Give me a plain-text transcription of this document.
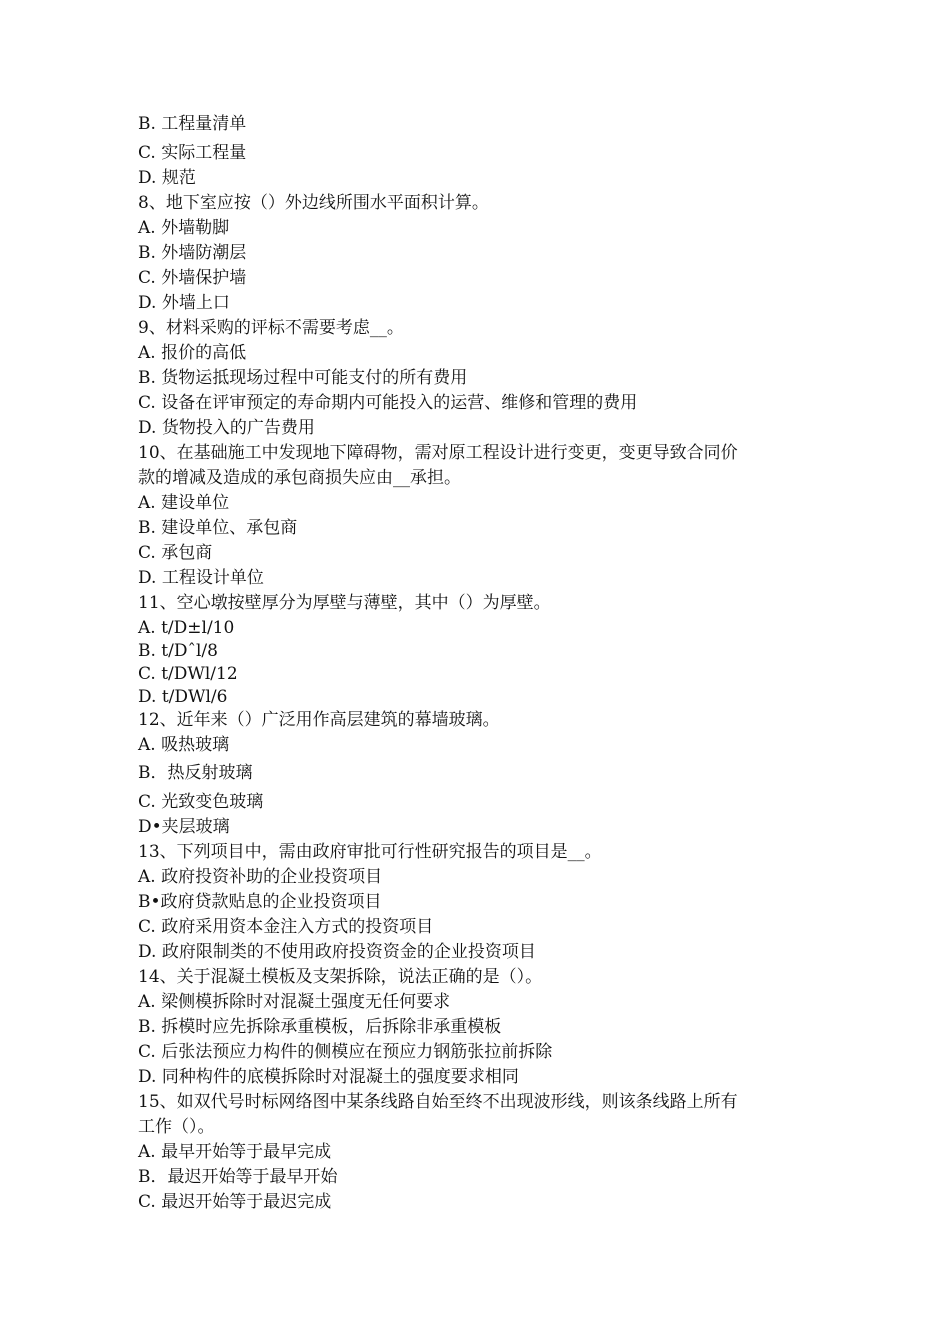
B. 工程量清单
C. 实际工程量
D. 规范
8、地下室应按（）外边线所围水平面积计算。
A. 外墙勒脚
B. 外墙防潮层
C. 外墙保护墙
D. 外墙上口
9、材料采购的评标不需要考虑__。
A. 报价的高低
B. 货物运抵现场过程中可能支付的所有费用
C. 设备在评审预定的寿命期内可能投入的运营、维修和管理的费用
D. 货物投入的广告费用
10、在基础施工中发现地下障碍物，需对原工程设计进行变更，变更导致合同价
款的增减及造成的承包商损失应由__承担。
A. 建设单位
B. 建设单位、承包商
C. 承包商
D. 工程设计单位
11、空心墩按壁厚分为厚壁与薄壁，其中（）为厚壁。
A. t/D±l/10
B. t/Dˆl/8
C. t/DWl/12
D. t/DWl/6
12、近年来（）广泛用作高层建筑的幕墙玻璃。
A. 吸热玻璃
B．热反射玻璃
C. 光致变色玻璃
D•夹层玻璃
13、下列项目中，需由政府审批可行性研究报告的项目是__。
A. 政府投资补助的企业投资项目
B•政府贷款贴息的企业投资项目
C. 政府采用资本金注入方式的投资项目
D. 政府限制类的不使用政府投资资金的企业投资项目
14、关于混凝土模板及支架拆除，说法正确的是（）。
A. 梁侧模拆除时对混凝土强度无任何要求
B. 拆模时应先拆除承重模板，后拆除非承重模板
C. 后张法预应力构件的侧模应在预应力钢筋张拉前拆除
D. 同种构件的底模拆除时对混凝土的强度要求相同
15、如双代号时标网络图中某条线路自始至终不出现波形线，则该条线路上所有
工作（）。
A. 最早开始等于最早完成
B．最迟开始等于最早开始
C. 最迟开始等于最迟完成
